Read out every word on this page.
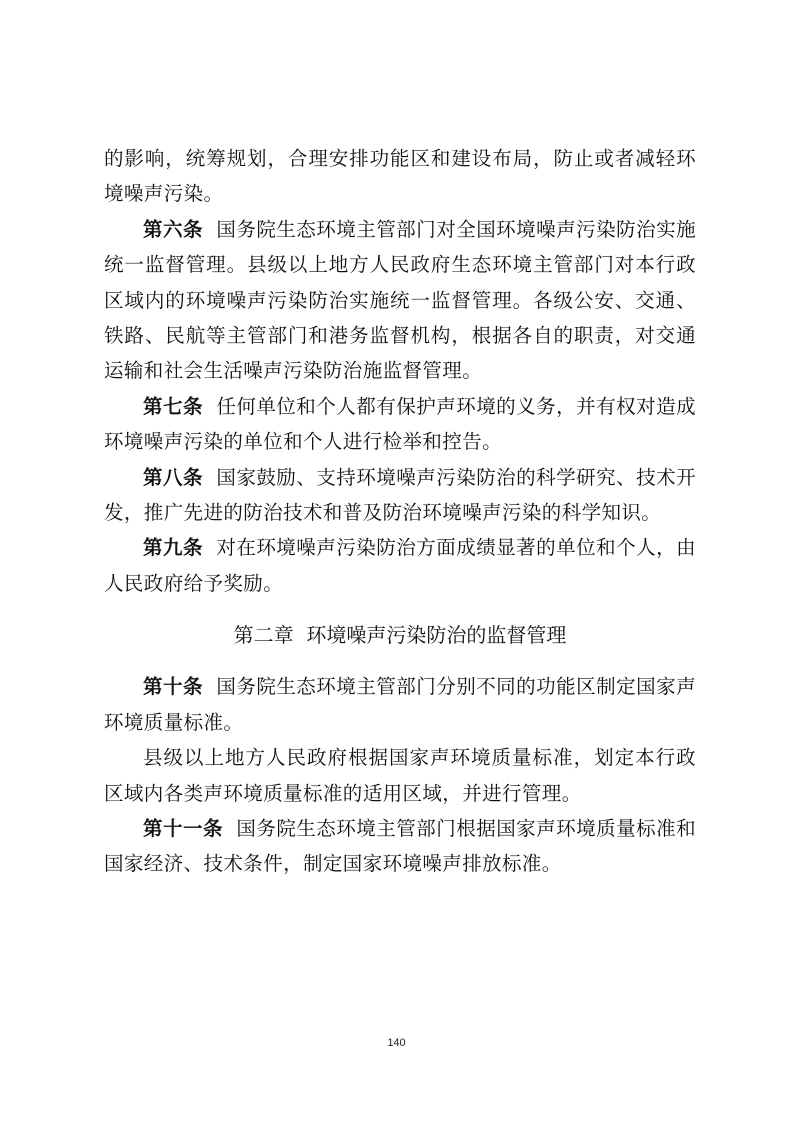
的影响，统筹规划，合理安排功能区和建设布局，防止或者减轻环境噪声污染。

第六条 国务院生态环境主管部门对全国环境噪声污染防治实施统一监督管理。县级以上地方人民政府生态环境主管部门对本行政区域内的环境噪声污染防治实施统一监督管理。各级公安、交通、铁路、民航等主管部门和港务监督机构，根据各自的职责，对交通运输和社会生活噪声污染防治施监督管理。

第七条 任何单位和个人都有保护声环境的义务，并有权对造成环境噪声污染的单位和个人进行检举和控告。

第八条 国家鼓励、支持环境噪声污染防治的科学研究、技术开发，推广先进的防治技术和普及防治环境噪声污染的科学知识。

第九条 对在环境噪声污染防治方面成绩显著的单位和个人，由人民政府给予奖励。

第二章  环境噪声污染防治的监督管理

第十条 国务院生态环境主管部门分别不同的功能区制定国家声环境质量标准。

县级以上地方人民政府根据国家声环境质量标准，划定本行政区域内各类声环境质量标准的适用区域，并进行管理。

第十一条 国务院生态环境主管部门根据国家声环境质量标准和国家经济、技术条件，制定国家环境噪声排放标准。

140
